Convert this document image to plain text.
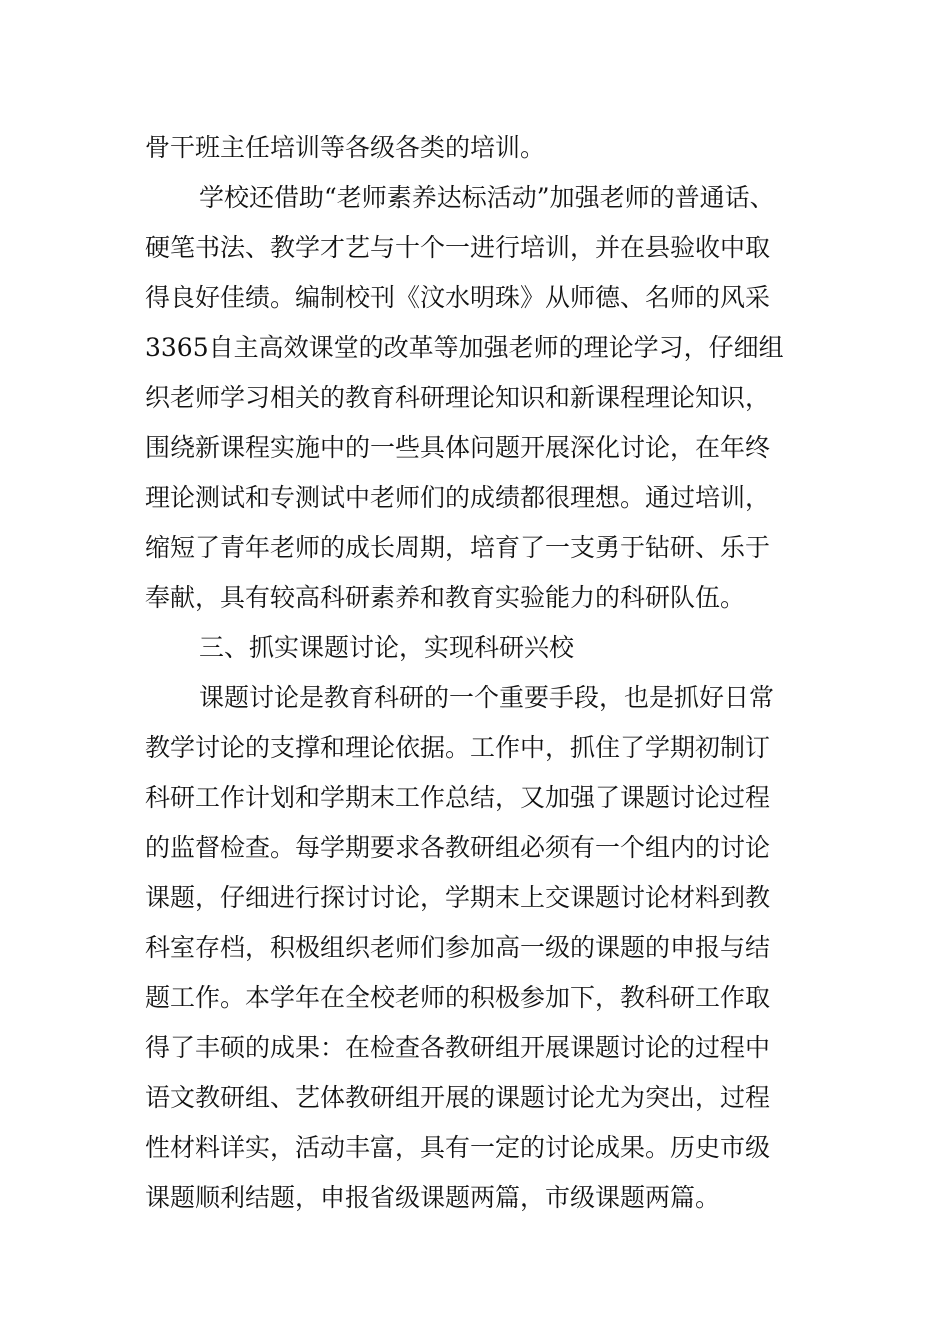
骨干班主任培训等各级各类的培训。
学校还借助“老师素养达标活动”加强老师的普通话、
硬笔书法、教学才艺与十个一进行培训，并在县验收中取
得良好佳绩。编制校刊《汶水明珠》从师德、名师的风采
3365自主高效课堂的改革等加强老师的理论学习，仔细组
织老师学习相关的教育科研理论知识和新课程理论知识，
围绕新课程实施中的一些具体问题开展深化讨论，在年终
理论测试和专测试中老师们的成绩都很理想。通过培训，
缩短了青年老师的成长周期，培育了一支勇于钻研、乐于
奉献，具有较高科研素养和教育实验能力的科研队伍。
三、抓实课题讨论，实现科研兴校
课题讨论是教育科研的一个重要手段，也是抓好日常
教学讨论的支撑和理论依据。工作中，抓住了学期初制订
科研工作计划和学期末工作总结，又加强了课题讨论过程
的监督检查。每学期要求各教研组必须有一个组内的讨论
课题，仔细进行探讨讨论，学期末上交课题讨论材料到教
科室存档，积极组织老师们参加高一级的课题的申报与结
题工作。本学年在全校老师的积极参加下，教科研工作取
得了丰硕的成果：在检查各教研组开展课题讨论的过程中
语文教研组、艺体教研组开展的课题讨论尤为突出，过程
性材料详实，活动丰富，具有一定的讨论成果。历史市级
课题顺利结题，申报省级课题两篇，市级课题两篇。
